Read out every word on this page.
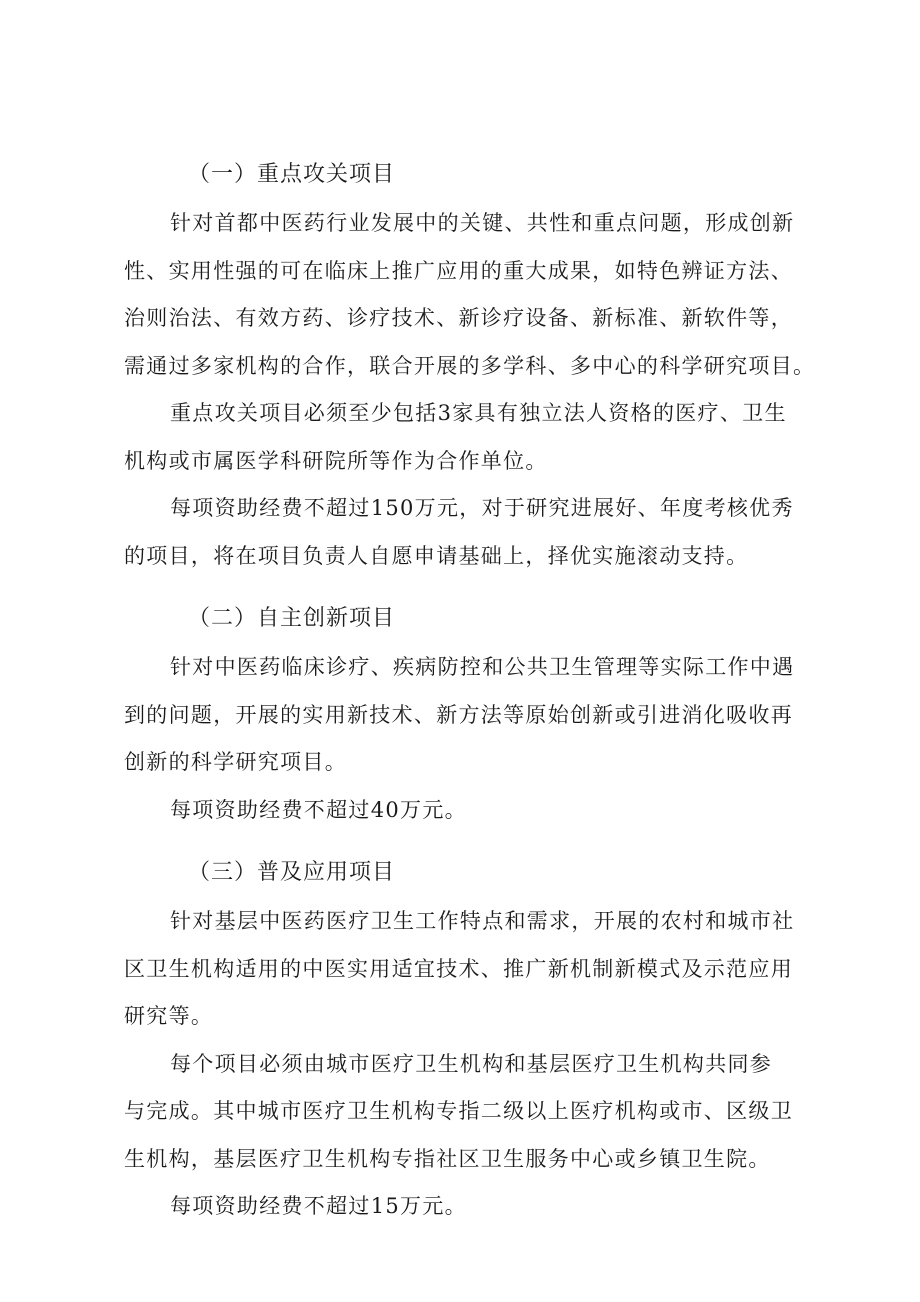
（一）重点攻关项目

针对首都中医药行业发展中的关键、共性和重点问题，形成创新
性、实用性强的可在临床上推广应用的重大成果，如特色辨证方法、
治则治法、有效方药、诊疗技术、新诊疗设备、新标准、新软件等，
需通过多家机构的合作，联合开展的多学科、多中心的科学研究项目。

重点攻关项目必须至少包括3家具有独立法人资格的医疗、卫生
机构或市属医学科研院所等作为合作单位。

每项资助经费不超过150万元，对于研究进展好、年度考核优秀
的项目，将在项目负责人自愿申请基础上，择优实施滚动支持。

（二）自主创新项目

针对中医药临床诊疗、疾病防控和公共卫生管理等实际工作中遇
到的问题，开展的实用新技术、新方法等原始创新或引进消化吸收再
创新的科学研究项目。

每项资助经费不超过40万元。

（三）普及应用项目

针对基层中医药医疗卫生工作特点和需求，开展的农村和城市社
区卫生机构适用的中医实用适宜技术、推广新机制新模式及示范应用
研究等。

每个项目必须由城市医疗卫生机构和基层医疗卫生机构共同参
与完成。其中城市医疗卫生机构专指二级以上医疗机构或市、区级卫
生机构，基层医疗卫生机构专指社区卫生服务中心或乡镇卫生院。

每项资助经费不超过15万元。
